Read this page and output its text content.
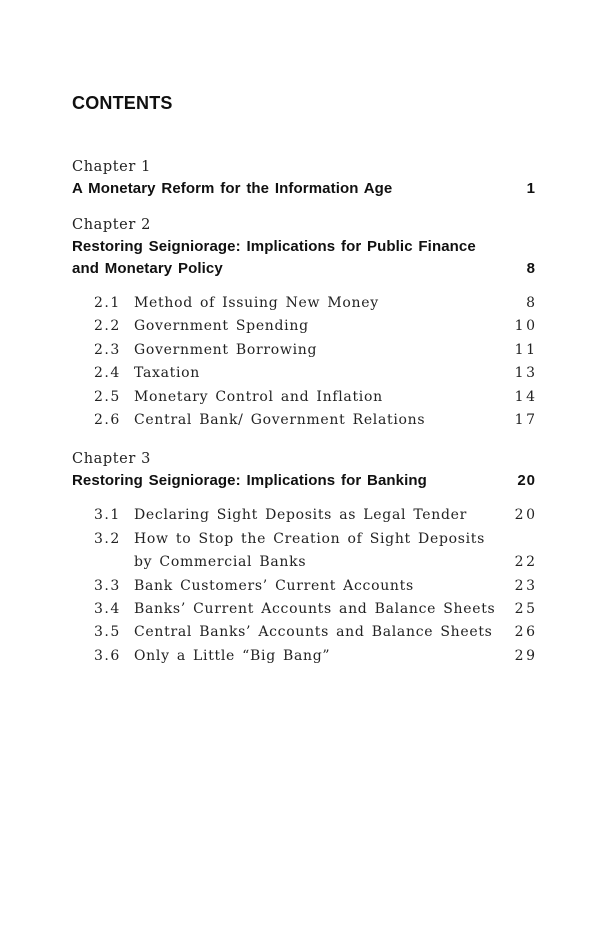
CONTENTS
Chapter 1
A Monetary Reform for the Information Age	1
Chapter 2
Restoring Seigniorage: Implications for Public Finance
and Monetary Policy	8
2.1 Method of Issuing New Money	8
2.2 Government Spending	10
2.3 Government Borrowing	11
2.4 Taxation	13
2.5 Monetary Control and Inflation	14
2.6 Central Bank/ Government Relations	17
Chapter 3
Restoring Seigniorage: Implications for Banking	20
3.1 Declaring Sight Deposits as Legal Tender	20
3.2 How to Stop the Creation of Sight Deposits
by Commercial Banks	22
3.3 Bank Customers’ Current Accounts	23
3.4 Banks’ Current Accounts and Balance Sheets	25
3.5 Central Banks’ Accounts and Balance Sheets	26
3.6 Only a Little “Big Bang”	29
